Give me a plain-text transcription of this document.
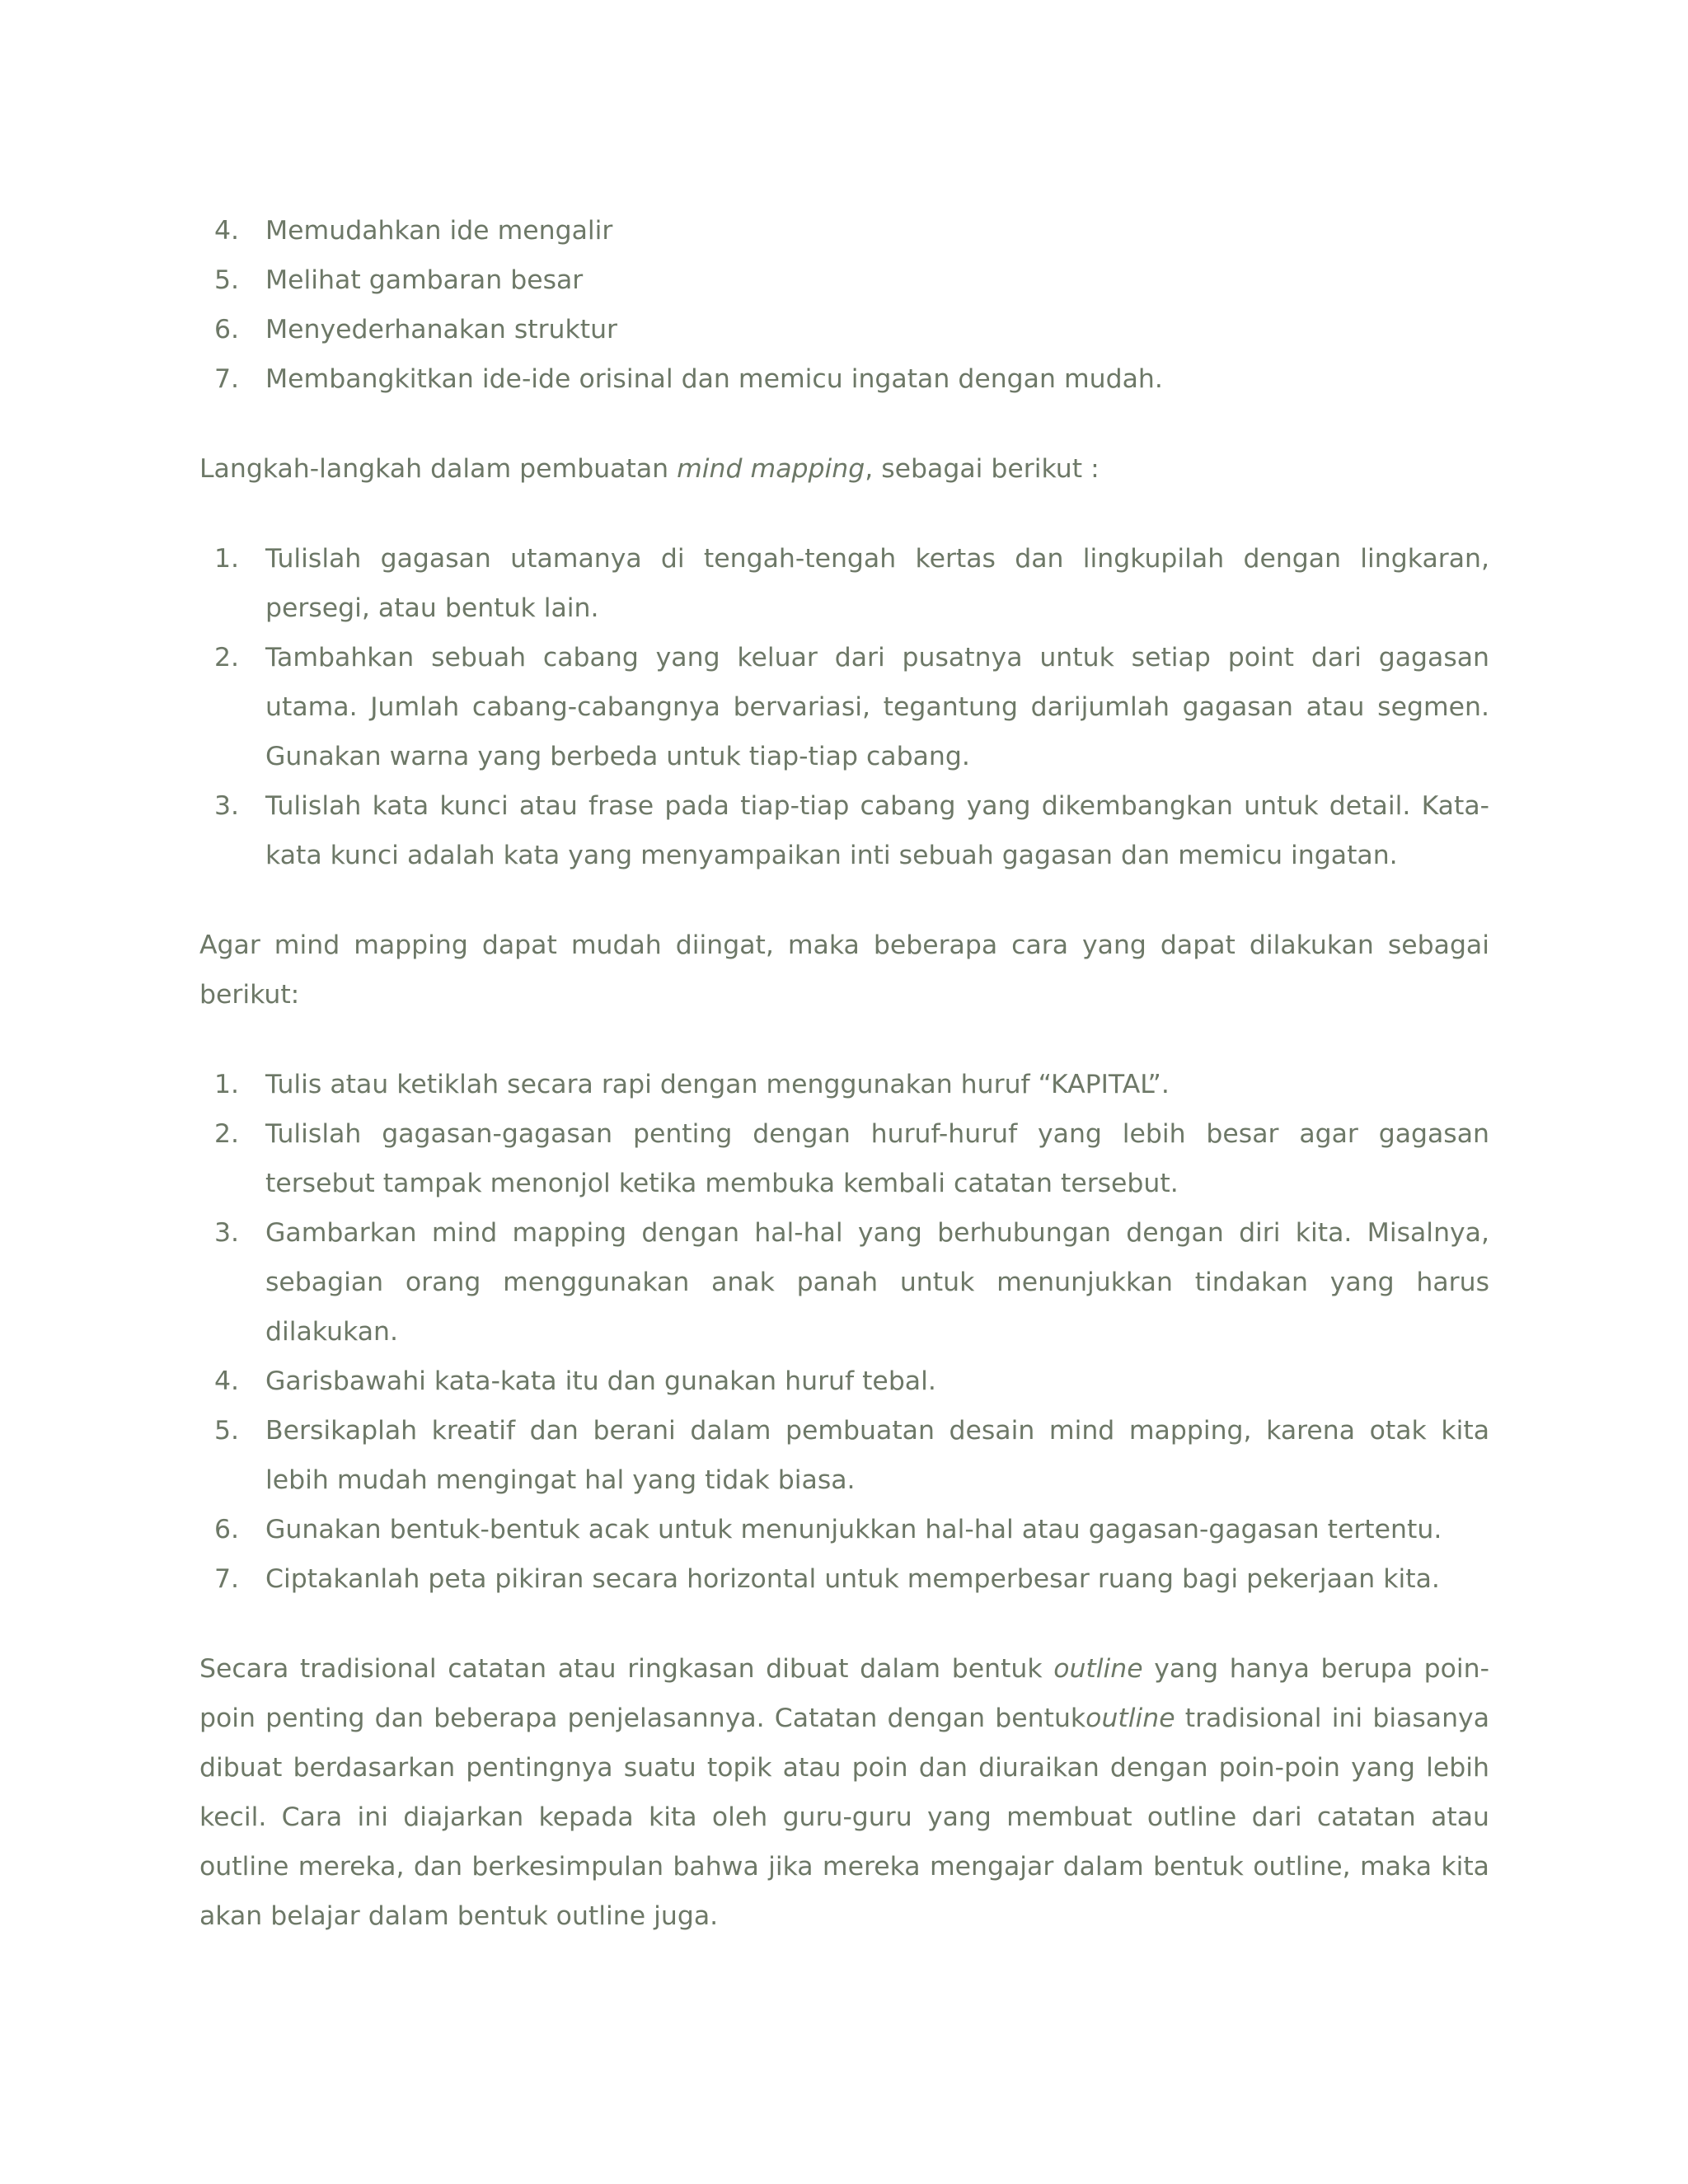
4.	Memudahkan ide mengalir
5.	Melihat gambaran besar
6.	Menyederhanakan struktur
7.	Membangkitkan ide-ide orisinal dan memicu ingatan dengan mudah.

Langkah-langkah dalam pembuatan mind mapping, sebagai berikut :

1.	Tulislah gagasan utamanya di tengah-tengah kertas dan lingkupilah dengan lingkaran, persegi, atau bentuk lain.
2.	Tambahkan sebuah cabang yang keluar dari pusatnya untuk setiap point dari gagasan utama. Jumlah cabang-cabangnya bervariasi, tegantung darijumlah gagasan atau segmen. Gunakan warna yang berbeda untuk tiap-tiap cabang.
3.	Tulislah kata kunci atau frase pada tiap-tiap cabang yang dikembangkan untuk detail. Kata-kata kunci adalah kata yang menyampaikan inti sebuah gagasan dan memicu ingatan.

Agar mind mapping dapat mudah diingat, maka beberapa cara yang dapat dilakukan sebagai berikut:

1.	Tulis atau ketiklah secara rapi dengan menggunakan huruf “KAPITAL”.
2.	Tulislah gagasan-gagasan penting dengan huruf-huruf yang lebih besar agar gagasan tersebut tampak menonjol ketika membuka kembali catatan tersebut.
3.	Gambarkan mind mapping dengan hal-hal yang berhubungan dengan diri kita. Misalnya, sebagian orang menggunakan anak panah untuk menunjukkan tindakan yang harus dilakukan.
4.	Garisbawahi kata-kata itu dan gunakan huruf tebal.
5.	Bersikaplah kreatif dan berani dalam pembuatan desain mind mapping, karena otak kita lebih mudah mengingat hal yang tidak biasa.
6.	Gunakan bentuk-bentuk acak untuk menunjukkan hal-hal atau gagasan-gagasan tertentu.
7.	Ciptakanlah peta pikiran secara horizontal untuk memperbesar ruang bagi pekerjaan kita.

Secara tradisional catatan atau ringkasan dibuat dalam bentuk outline yang hanya berupa poin-poin penting dan beberapa penjelasannya. Catatan dengan bentukoutline tradisional ini biasanya dibuat berdasarkan pentingnya suatu topik atau poin dan diuraikan dengan poin-poin yang lebih kecil. Cara ini diajarkan kepada kita oleh guru-guru yang membuat outline dari catatan atau outline mereka, dan berkesimpulan bahwa jika mereka mengajar dalam bentuk outline, maka kita akan belajar dalam bentuk outline juga.
